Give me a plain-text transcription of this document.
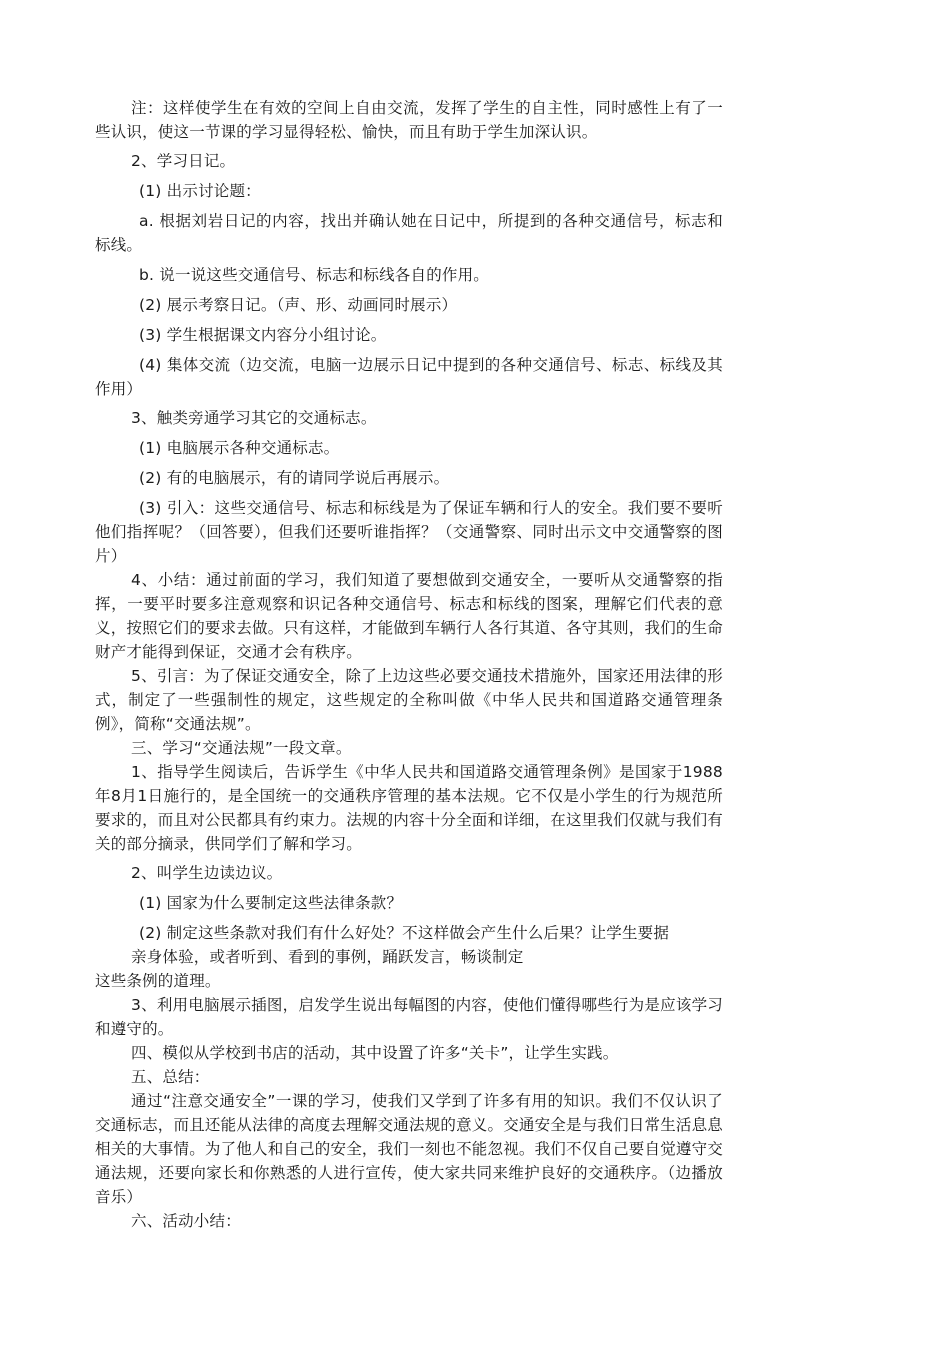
注：这样使学生在有效的空间上自由交流，发挥了学生的自主性，同时感性上有了一些认识，使这一节课的学习显得轻松、愉快，而且有助于学生加深认识。

2、学习日记。

(1) 出示讨论题：

a. 根据刘岩日记的内容，找出并确认她在日记中，所提到的各种交通信号，标志和标线。

b. 说一说这些交通信号、标志和标线各自的作用。

(2) 展示考察日记。（声、形、动画同时展示）

(3) 学生根据课文内容分小组讨论。

(4) 集体交流（边交流，电脑一边展示日记中提到的各种交通信号、标志、标线及其作用）

3、触类旁通学习其它的交通标志。

(1) 电脑展示各种交通标志。

(2) 有的电脑展示，有的请同学说后再展示。

(3) 引入：这些交通信号、标志和标线是为了保证车辆和行人的安全。我们要不要听他们指挥呢？（回答要），但我们还要听谁指挥？（交通警察、同时出示文中交通警察的图片）

4、小结：通过前面的学习，我们知道了要想做到交通安全，一要听从交通警察的指挥，一要平时要多注意观察和识记各种交通信号、标志和标线的图案，理解它们代表的意义，按照它们的要求去做。只有这样，才能做到车辆行人各行其道、各守其则，我们的生命财产才能得到保证，交通才会有秩序。

5、引言：为了保证交通安全，除了上边这些必要交通技术措施外，国家还用法律的形式，制定了一些强制性的规定，这些规定的全称叫做《中华人民共和国道路交通管理条例》，简称“交通法规”。

三、学习“交通法规”一段文章。

1、指导学生阅读后，告诉学生《中华人民共和国道路交通管理条例》是国家于1988年8月1日施行的，是全国统一的交通秩序管理的基本法规。它不仅是小学生的行为规范所要求的，而且对公民都具有约束力。法规的内容十分全面和详细，在这里我们仅就与我们有关的部分摘录，供同学们了解和学习。

2、叫学生边读边议。

(1) 国家为什么要制定这些法律条款？

(2) 制定这些条款对我们有什么好处？不这样做会产生什么后果？让学生要据

亲身体验，或者听到、看到的事例，踊跃发言，畅谈制定

这些条例的道理。

3、利用电脑展示插图，启发学生说出每幅图的内容，使他们懂得哪些行为是应该学习和遵守的。

四、模似从学校到书店的活动，其中设置了许多“关卡”，让学生实践。

五、总结：

通过“注意交通安全”一课的学习，使我们又学到了许多有用的知识。我们不仅认识了交通标志，而且还能从法律的高度去理解交通法规的意义。交通安全是与我们日常生活息息相关的大事情。为了他人和自己的安全，我们一刻也不能忽视。我们不仅自己要自觉遵守交通法规，还要向家长和你熟悉的人进行宣传，使大家共同来维护良好的交通秩序。（边播放音乐）

六、活动小结：
